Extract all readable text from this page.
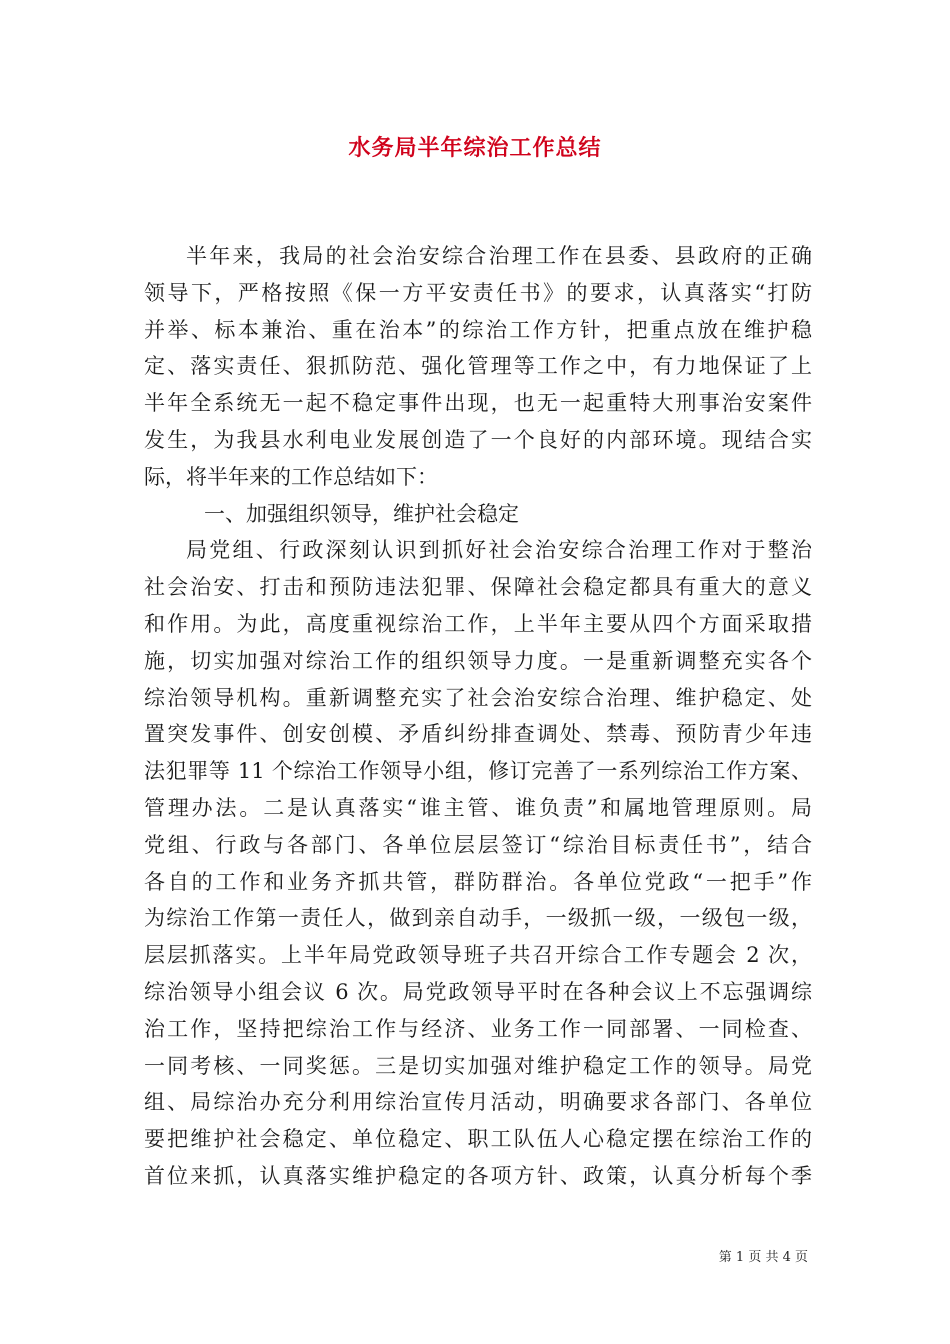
水务局半年综治工作总结
半年来，我局的社会治安综合治理工作在县委、县政府的正确
领导下，严格按照《保一方平安责任书》的要求，认真落实“打防
并举、标本兼治、重在治本”的综治工作方针，把重点放在维护稳
定、落实责任、狠抓防范、强化管理等工作之中，有力地保证了上
半年全系统无一起不稳定事件出现，也无一起重特大刑事治安案件
发生，为我县水利电业发展创造了一个良好的内部环境。现结合实
际，将半年来的工作总结如下：
一、加强组织领导，维护社会稳定
局党组、行政深刻认识到抓好社会治安综合治理工作对于整治
社会治安、打击和预防违法犯罪、保障社会稳定都具有重大的意义
和作用。为此，高度重视综治工作，上半年主要从四个方面采取措
施，切实加强对综治工作的组织领导力度。一是重新调整充实各个
综治领导机构。重新调整充实了社会治安综合治理、维护稳定、处
置突发事件、创安创模、矛盾纠纷排查调处、禁毒、预防青少年违
法犯罪等 11 个综治工作领导小组，修订完善了一系列综治工作方案、
管理办法。二是认真落实“谁主管、谁负责”和属地管理原则。局
党组、行政与各部门、各单位层层签订“综治目标责任书”，结合
各自的工作和业务齐抓共管，群防群治。各单位党政“一把手”作
为综治工作第一责任人，做到亲自动手，一级抓一级，一级包一级，
层层抓落实。上半年局党政领导班子共召开综合工作专题会 2 次，
综治领导小组会议 6 次。局党政领导平时在各种会议上不忘强调综
治工作，坚持把综治工作与经济、业务工作一同部署、一同检查、
一同考核、一同奖惩。三是切实加强对维护稳定工作的领导。局党
组、局综治办充分利用综治宣传月活动，明确要求各部门、各单位
要把维护社会稳定、单位稳定、职工队伍人心稳定摆在综治工作的
首位来抓，认真落实维护稳定的各项方针、政策，认真分析每个季
第 1 页 共 4 页
